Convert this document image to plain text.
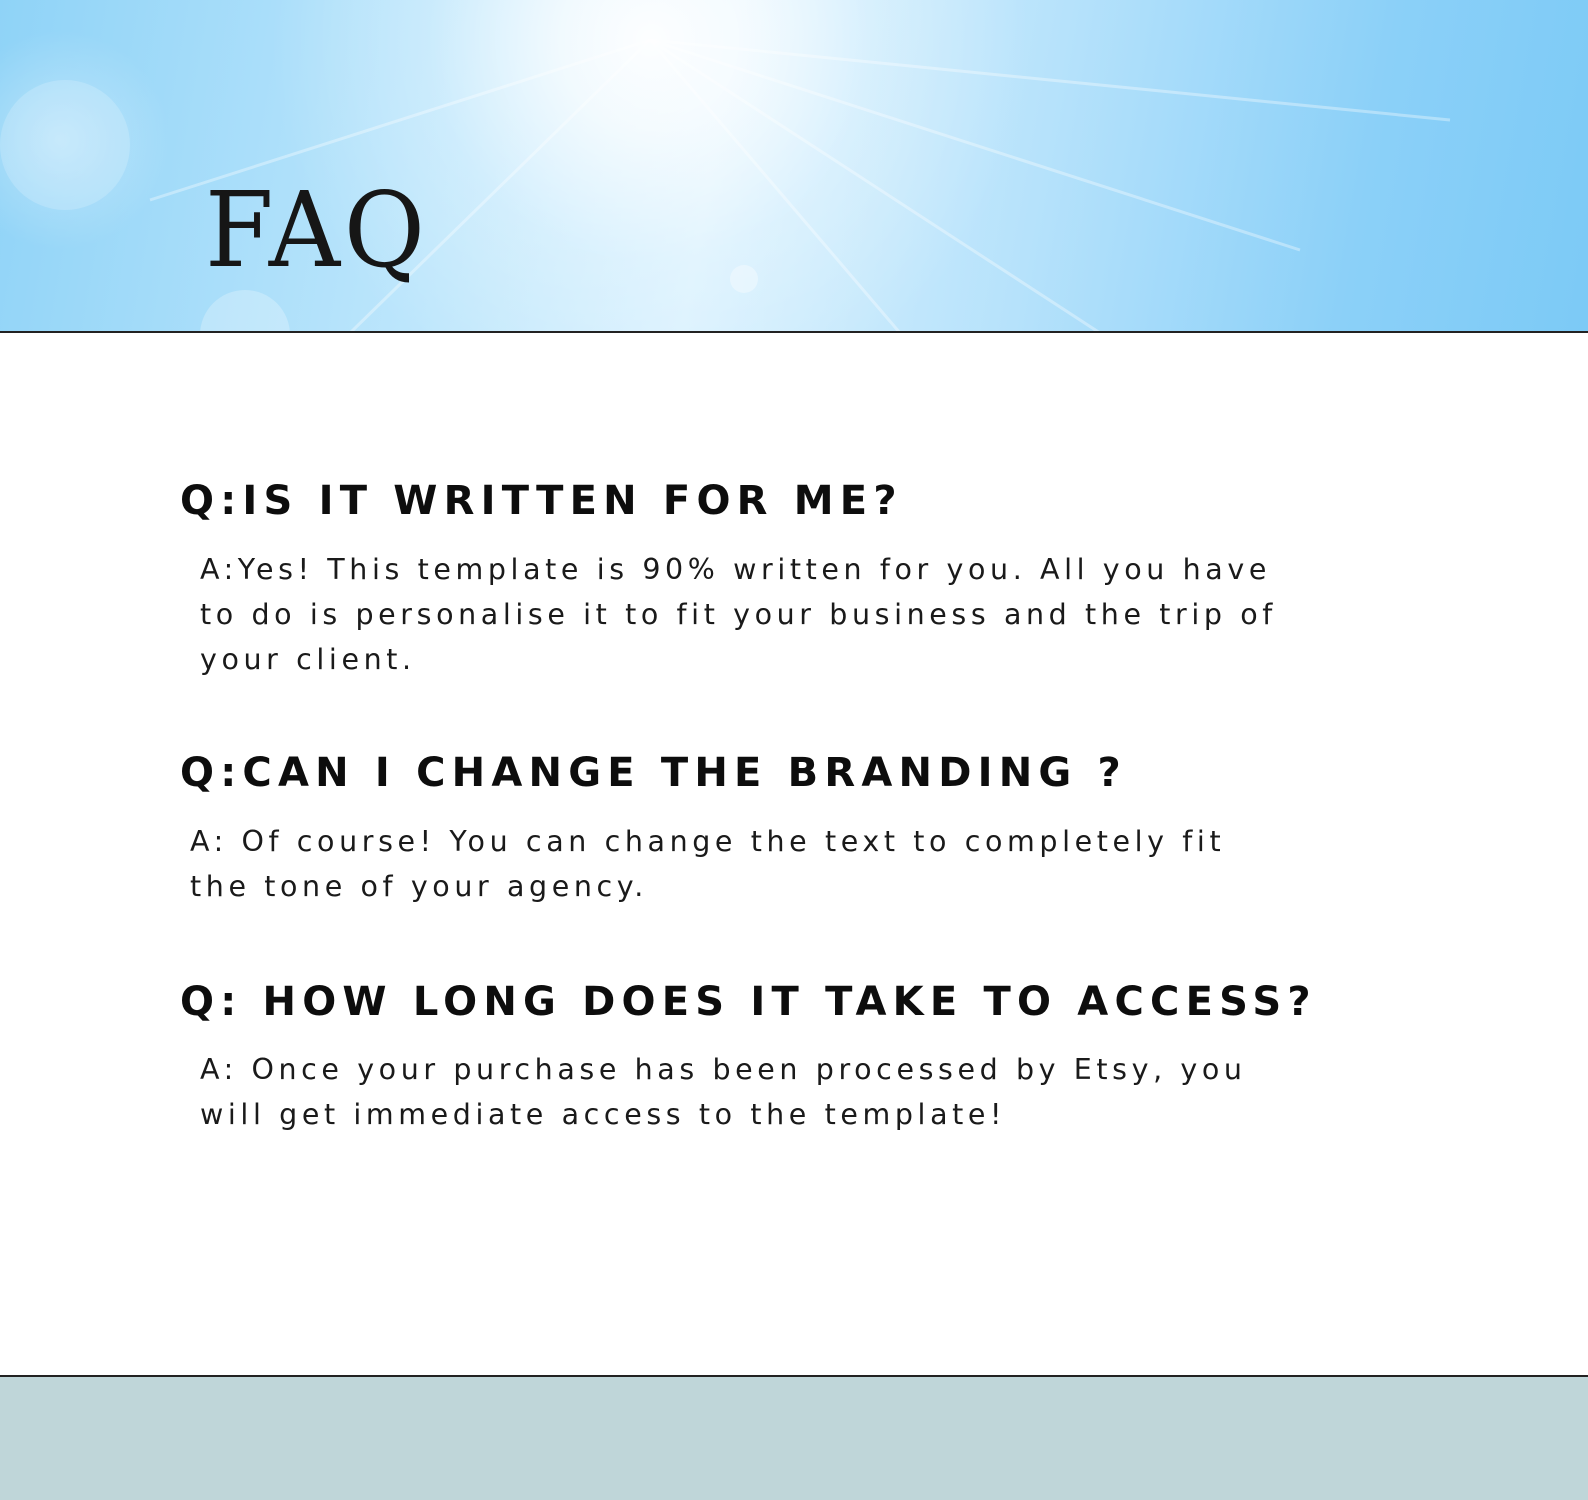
FAQ
Q:IS IT WRITTEN FOR ME?

A:Yes! This template is 90% written for you. All you have
to do is personalise it to fit your business and the trip of
your client.

Q:CAN I CHANGE THE BRANDING ?

A: Of course! You can change the text to completely fit
the tone of your agency.

Q: HOW LONG DOES IT TAKE TO ACCESS?

A: Once your purchase has been processed by Etsy, you
will get immediate access to the template!
